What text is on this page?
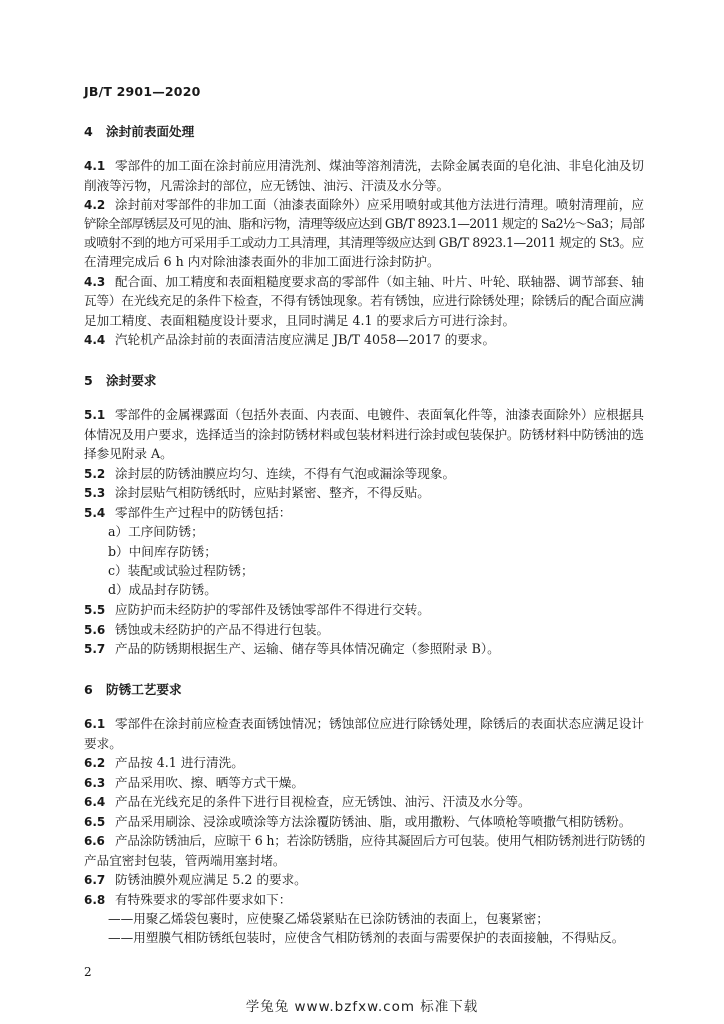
JB/T 2901—2020
4 涂封前表面处理
4.1 零部件的加工面在涂封前应用清洗剂、煤油等溶剂清洗，去除金属表面的皂化油、非皂化油及切
削液等污物，凡需涂封的部位，应无锈蚀、油污、汗渍及水分等。
4.2 涂封前对零部件的非加工面（油漆表面除外）应采用喷射或其他方法进行清理。喷射清理前，应
铲除全部厚锈层及可见的油、脂和污物，清理等级应达到 GB/T 8923.1—2011 规定的 Sa2½～Sa3；局部
或喷射不到的地方可采用手工或动力工具清理，其清理等级应达到 GB/T 8923.1—2011 规定的 St3。应
在清理完成后 6 h 内对除油漆表面外的非加工面进行涂封防护。
4.3 配合面、加工精度和表面粗糙度要求高的零部件（如主轴、叶片、叶轮、联轴器、调节部套、轴
瓦等）在光线充足的条件下检查，不得有锈蚀现象。若有锈蚀，应进行除锈处理；除锈后的配合面应满
足加工精度、表面粗糙度设计要求，且同时满足 4.1 的要求后方可进行涂封。
4.4 汽轮机产品涂封前的表面清洁度应满足 JB/T 4058—2017 的要求。
5 涂封要求
5.1 零部件的金属裸露面（包括外表面、内表面、电镀件、表面氧化件等，油漆表面除外）应根据具
体情况及用户要求，选择适当的涂封防锈材料或包装材料进行涂封或包装保护。防锈材料中防锈油的选
择参见附录 A。
5.2 涂封层的防锈油膜应均匀、连续，不得有气泡或漏涂等现象。
5.3 涂封层贴气相防锈纸时，应贴封紧密、整齐，不得反贴。
5.4 零部件生产过程中的防锈包括：
a）工序间防锈；
b）中间库存防锈；
c）装配或试验过程防锈；
d）成品封存防锈。
5.5 应防护而未经防护的零部件及锈蚀零部件不得进行交转。
5.6 锈蚀或未经防护的产品不得进行包装。
5.7 产品的防锈期根据生产、运输、储存等具体情况确定（参照附录 B）。
6 防锈工艺要求
6.1 零部件在涂封前应检查表面锈蚀情况；锈蚀部位应进行除锈处理，除锈后的表面状态应满足设计
要求。
6.2 产品按 4.1 进行清洗。
6.3 产品采用吹、擦、晒等方式干燥。
6.4 产品在光线充足的条件下进行目视检查，应无锈蚀、油污、汗渍及水分等。
6.5 产品采用刷涂、浸涂或喷涂等方法涂覆防锈油、脂，或用撒粉、气体喷枪等喷撒气相防锈粉。
6.6 产品涂防锈油后，应晾干 6 h；若涂防锈脂，应待其凝固后方可包装。使用气相防锈剂进行防锈的
产品宜密封包装，管两端用塞封堵。
6.7 防锈油膜外观应满足 5.2 的要求。
6.8 有特殊要求的零部件要求如下：
——用聚乙烯袋包裹时，应使聚乙烯袋紧贴在已涂防锈油的表面上，包裹紧密；
——用塑膜气相防锈纸包装时，应使含气相防锈剂的表面与需要保护的表面接触，不得贴反。
2
学兔兔 www.bzfxw.com 标准下载
